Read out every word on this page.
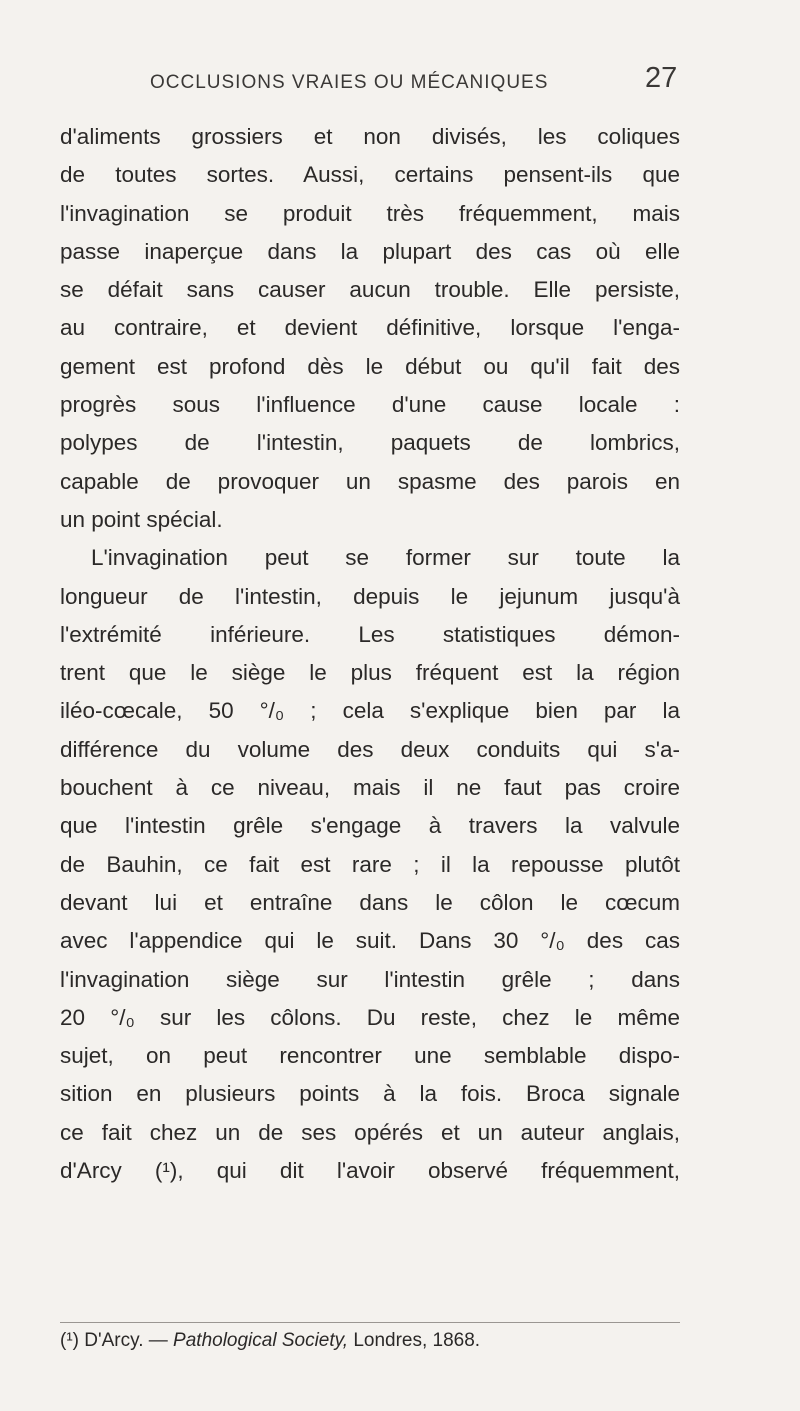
OCCLUSIONS VRAIES OU MÉCANIQUES	27
d'aliments grossiers et non divisés, les coliques
de toutes sortes. Aussi, certains pensent-ils que
l'invagination se produit très fréquemment, mais
passe inaperçue dans la plupart des cas où elle
se défait sans causer aucun trouble. Elle persiste,
au contraire, et devient définitive, lorsque l'enga-
gement est profond dès le début ou qu'il fait des
progrès sous l'influence d'une cause locale :
polypes de l'intestin, paquets de lombrics,
capable de provoquer un spasme des parois en
un point spécial.
L'invagination peut se former sur toute la
longueur de l'intestin, depuis le jejunum jusqu'à
l'extrémité inférieure. Les statistiques démon-
trent que le siège le plus fréquent est la région
iléo-cœcale, 50 °/₀ ; cela s'explique bien par la
différence du volume des deux conduits qui s'a-
bouchent à ce niveau, mais il ne faut pas croire
que l'intestin grêle s'engage à travers la valvule
de Bauhin, ce fait est rare ; il la repousse plutôt
devant lui et entraîne dans le côlon le cœcum
avec l'appendice qui le suit. Dans 30 °/₀ des cas
l'invagination siège sur l'intestin grêle ; dans
20 °/₀ sur les côlons. Du reste, chez le même
sujet, on peut rencontrer une semblable dispo-
sition en plusieurs points à la fois. Broca signale
ce fait chez un de ses opérés et un auteur anglais,
d'Arcy (¹), qui dit l'avoir observé fréquemment,
(¹) D'Arcy. — Pathological Society, Londres, 1868.
